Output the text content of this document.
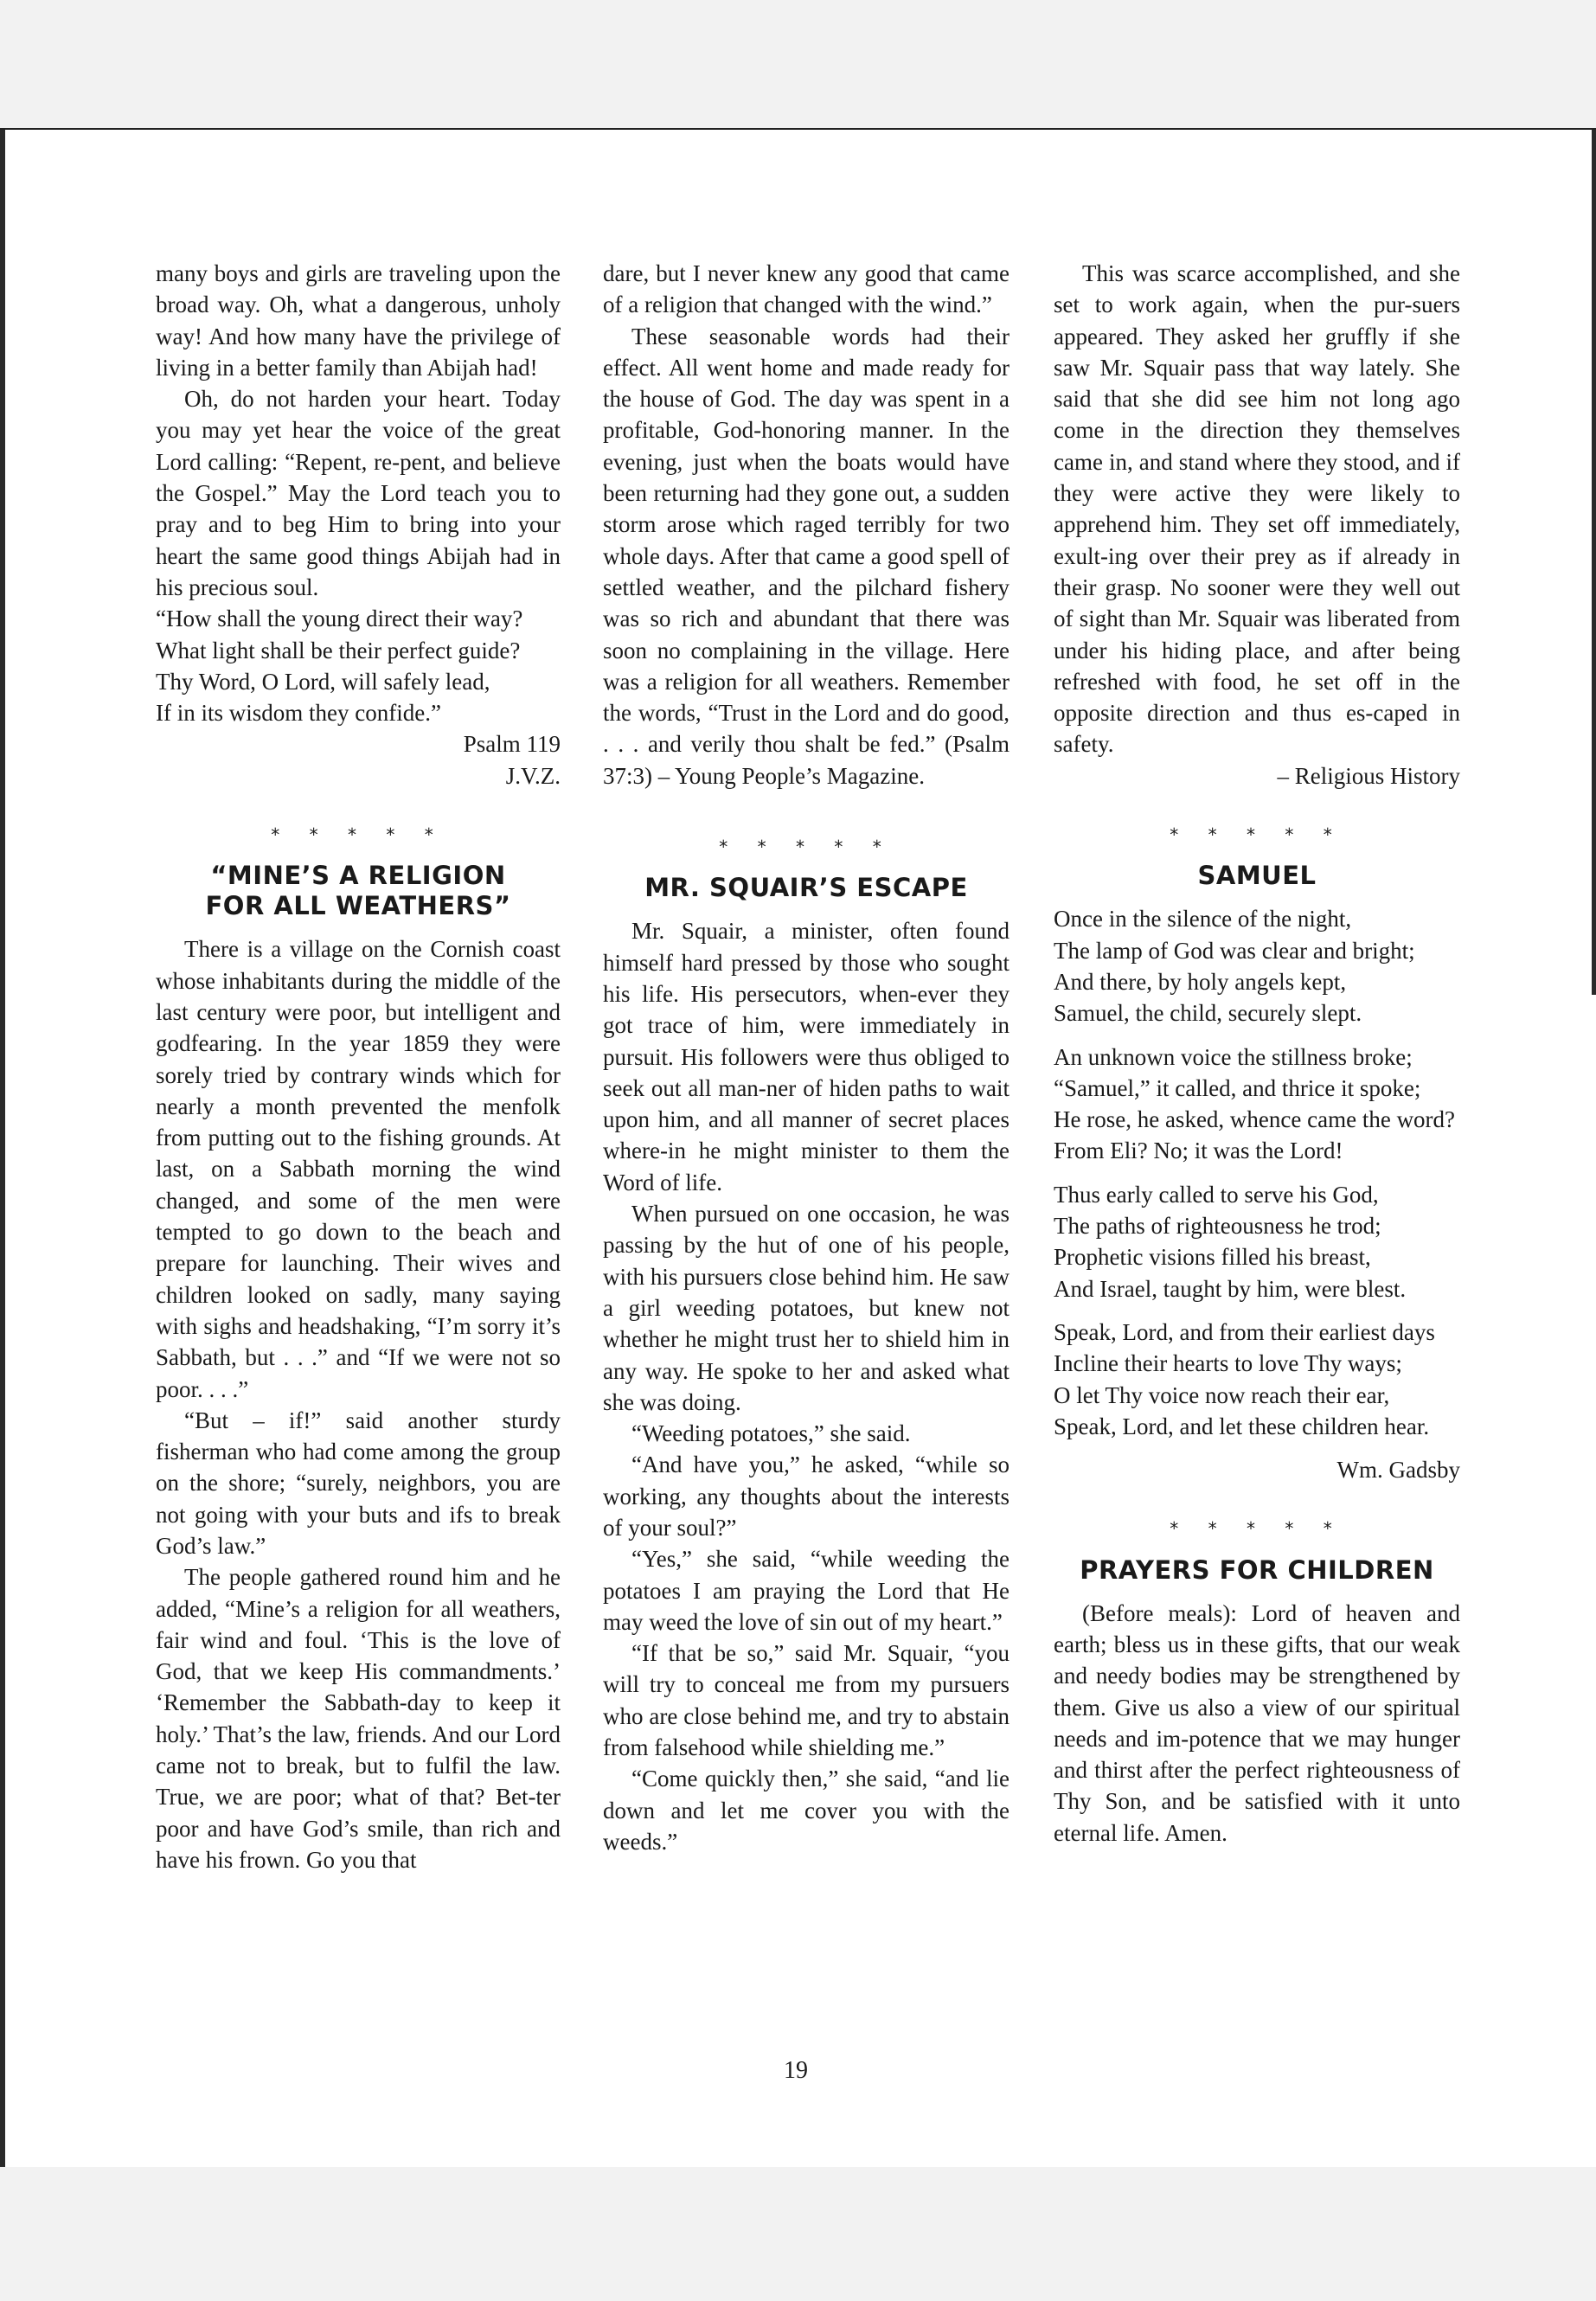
many boys and girls are traveling upon the broad way. Oh, what a dangerous, unholy way! And how many have the privilege of living in a better family than Abijah had!

Oh, do not harden your heart. Today you may yet hear the voice of the great Lord calling: “Repent, re-pent, and believe the Gospel.” May the Lord teach you to pray and to beg Him to bring into your heart the same good things Abijah had in his precious soul.

“How shall the young direct their way?
What light shall be their perfect guide?
Thy Word, O Lord, will safely lead,
If in its wisdom they confide.”
Psalm 119
J.V.Z.
* * * * *
“MINE’S A RELIGION
FOR ALL WEATHERS”

There is a village on the Cornish coast whose inhabitants during the middle of the last century were poor, but intelligent and godfearing. In the year 1859 they were sorely tried by contrary winds which for nearly a month prevented the menfolk from putting out to the fishing grounds. At last, on a Sabbath morning the wind changed, and some of the men were tempted to go down to the beach and prepare for launching. Their wives and children looked on sadly, many saying with sighs and headshaking, “I’m sorry it’s Sabbath, but . . .” and “If we were not so poor. . . .”

“But – if!” said another sturdy fisherman who had come among the group on the shore; “surely, neighbors, you are not going with your buts and ifs to break God’s law.”

The people gathered round him and he added, “Mine’s a religion for all weathers, fair wind and foul. ‘This is the love of God, that we keep His commandments.’ ‘Remember the Sabbath-day to keep it holy.’ That’s the law, friends. And our Lord came not to break, but to fulfil the law. True, we are poor; what of that? Bet-ter poor and have God’s smile, than rich and have his frown. Go you that

dare, but I never knew any good that came of a religion that changed with the wind.”

These seasonable words had their effect. All went home and made ready for the house of God. The day was spent in a profitable, God-honoring manner. In the evening, just when the boats would have been returning had they gone out, a sudden storm arose which raged terribly for two whole days. After that came a good spell of settled weather, and the pilchard fishery was so rich and abundant that there was soon no complaining in the village. Here was a religion for all weathers. Remember the words, “Trust in the Lord and do good, . . . and verily thou shalt be fed.” (Psalm 37:3) – Young People’s Magazine.

* * * * *
MR. SQUAIR’S ESCAPE

Mr. Squair, a minister, often found himself hard pressed by those who sought his life. His persecutors, when-ever they got trace of him, were immediately in pursuit. His followers were thus obliged to seek out all man-ner of hiden paths to wait upon him, and all manner of secret places where-in he might minister to them the Word of life.

When pursued on one occasion, he was passing by the hut of one of his people, with his pursuers close behind him. He saw a girl weeding potatoes, but knew not whether he might trust her to shield him in any way. He spoke to her and asked what she was doing.

“Weeding potatoes,” she said.

“And have you,” he asked, “while so working, any thoughts about the interests of your soul?”

“Yes,” she said, “while weeding the potatoes I am praying the Lord that He may weed the love of sin out of my heart.”

“If that be so,” said Mr. Squair, “you will try to conceal me from my pursuers who are close behind me, and try to abstain from falsehood while shielding me.”

“Come quickly then,” she said, “and lie down and let me cover you with the weeds.”

This was scarce accomplished, and she set to work again, when the pur-suers appeared. They asked her gruffly if she saw Mr. Squair pass that way lately. She said that she did see him not long ago come in the direction they themselves came in, and stand where they stood, and if they were active they were likely to apprehend him. They set off immediately, exult-ing over their prey as if already in their grasp. No sooner were they well out of sight than Mr. Squair was liberated from under his hiding place, and after being refreshed with food, he set off in the opposite direction and thus es-caped in safety.

– Religious History
* * * * *
SAMUEL
Once in the silence of the night,
The lamp of God was clear and bright;
And there, by holy angels kept,
Samuel, the child, securely slept.
An unknown voice the stillness broke;
“Samuel,” it called, and thrice it spoke;
He rose, he asked, whence came the word?
From Eli? No; it was the Lord!
Thus early called to serve his God,
The paths of righteousness he trod;
Prophetic visions filled his breast,
And Israel, taught by him, were blest.
Speak, Lord, and from their earliest days
Incline their hearts to love Thy ways;
O let Thy voice now reach their ear,
Speak, Lord, and let these children hear.
Wm. Gadsby
* * * * *
PRAYERS FOR CHILDREN

(Before meals): Lord of heaven and earth; bless us in these gifts, that our weak and needy bodies may be strengthened by them. Give us also a view of our spiritual needs and im-potence that we may hunger and thirst after the perfect righteousness of Thy Son, and be satisfied with it unto eternal life. Amen.

19
